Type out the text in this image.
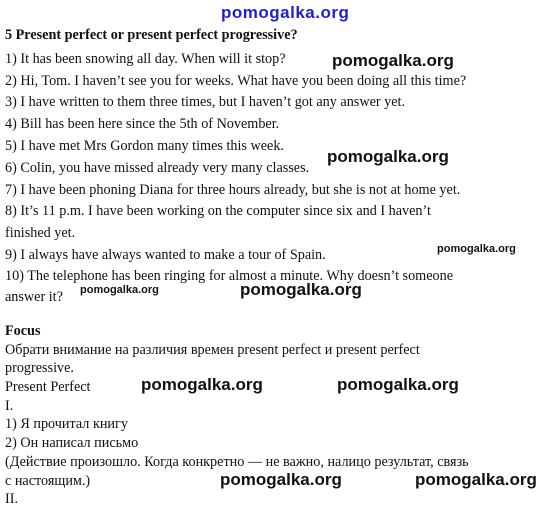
pomogalka.org
5 Present perfect or present perfect progressive?
1) It has been snowing all day. When will it stop?
2) Hi, Tom. I haven’t see you for weeks. What have you been doing all this time?
3) I have written to them three times, but I haven’t got any answer yet.
4) Bill has been here since the 5th of November.
5) I have met Mrs Gordon many times this week.
6) Colin, you have missed already very many classes.
7) I have been phoning Diana for three hours already, but she is not at home yet.
8) It’s 11 p.m. I have been working on the computer since six and I haven’t
finished yet.
9) I always have always wanted to make a tour of Spain.
10) The telephone has been ringing for almost a minute. Why doesn’t someone
answer it?
Focus
Обрати внимание на различия времен present perfect и present perfect
progressive.
Present Perfect
I.
1) Я прочитал книгу
2) Он написал письмо
(Действие произошло. Когда конкретно — не важно, налицо результат, связь
с настоящим.)
II.
pomogalka.org
pomogalka.org
pomogalka.org
pomogalka.org	pomogalka.org
pomogalka.org	pomogalka.org
pomogalka.org	pomogalka.org
